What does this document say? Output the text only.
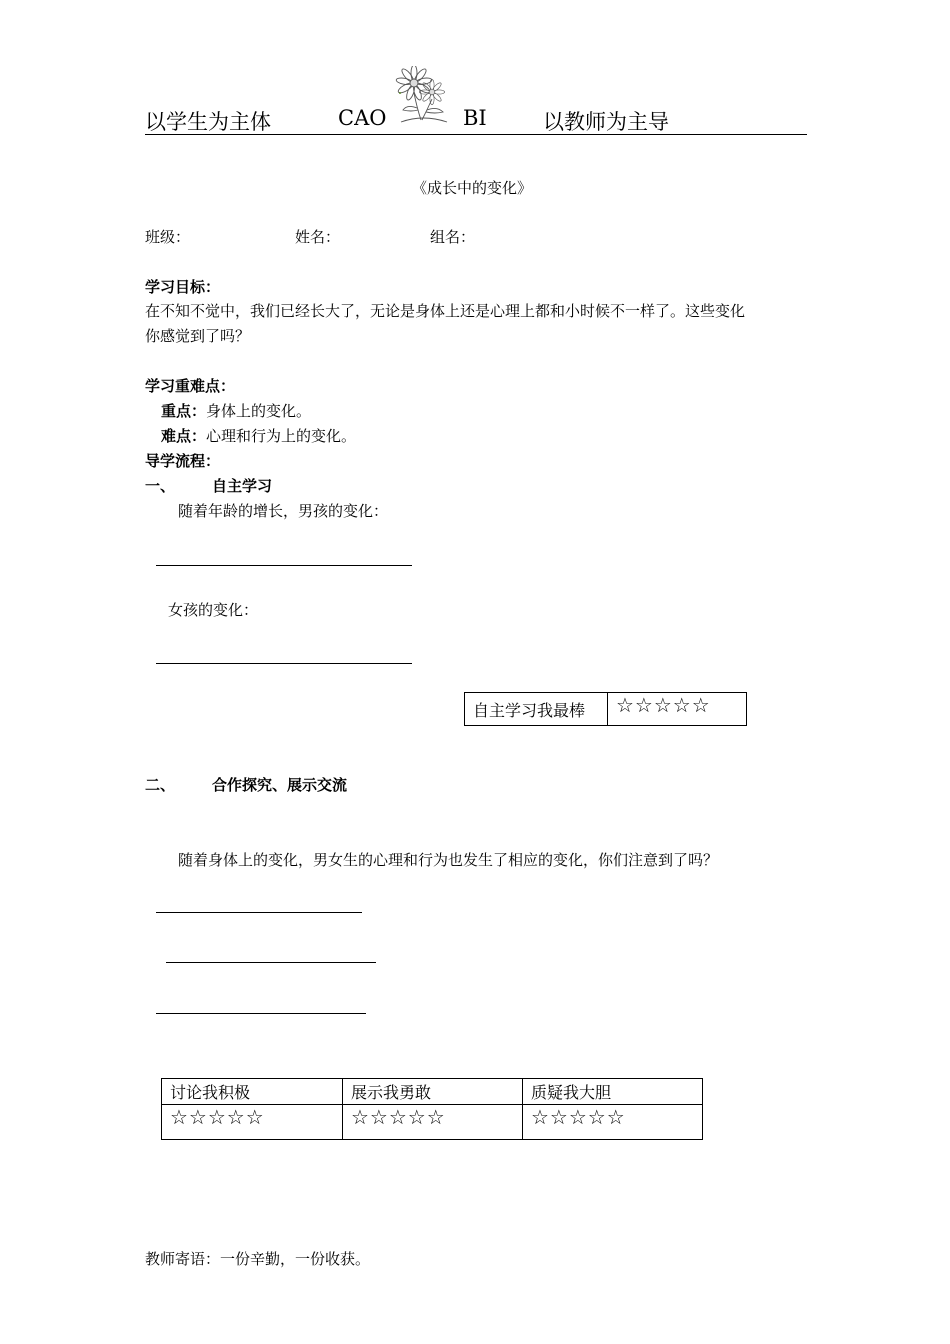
以学生为主体	CAO	BI	以教师为主导
《成长中的变化》
班级：	姓名：	组名：
学习目标：
在不知不觉中，我们已经长大了，无论是身体上还是心理上都和小时候不一样了。这些变化
你感觉到了吗？
学习重难点：
重点：身体上的变化。
难点：心理和行为上的变化。
导学流程：
一、 自主学习
随着年龄的增长，男孩的变化：
女孩的变化：
自主学习我最棒	☆☆☆☆☆
二、 合作探究、展示交流
随着身体上的变化，男女生的心理和行为也发生了相应的变化，你们注意到了吗？
讨论我积极	展示我勇敢	质疑我大胆
☆☆☆☆☆	☆☆☆☆☆	☆☆☆☆☆
教师寄语：一份辛勤，一份收获。
